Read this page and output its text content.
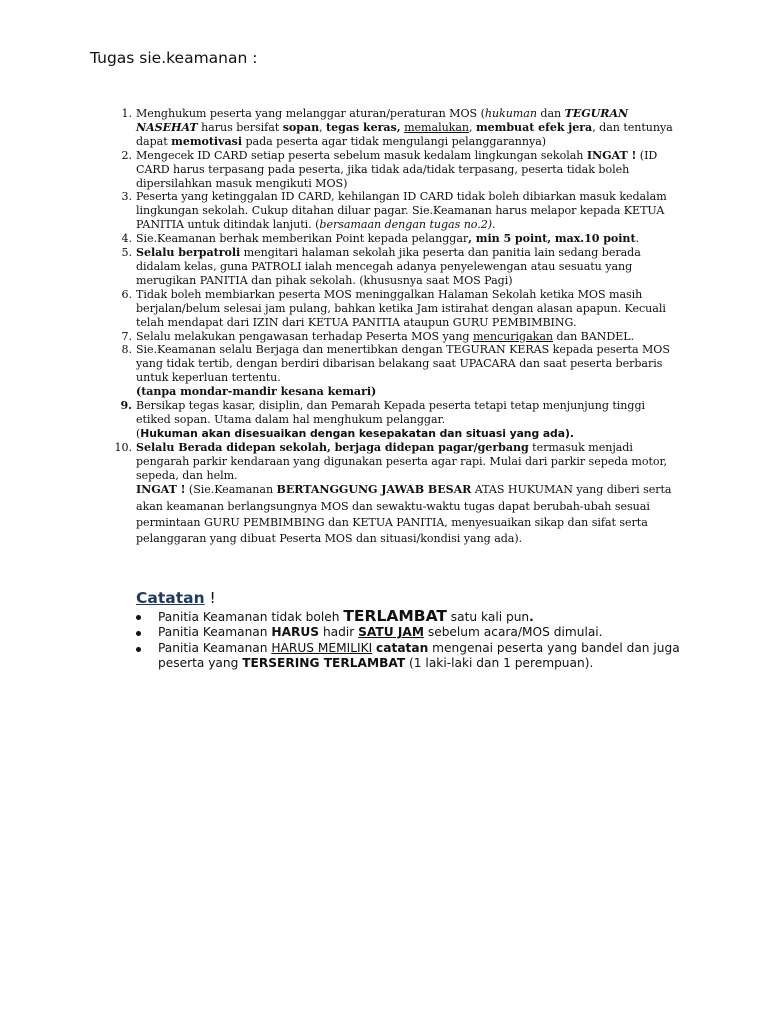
Tugas sie.keamanan :
1. Menghukum peserta yang melanggar aturan/peraturan MOS (hukuman dan TEGURAN NASEHAT harus bersifat sopan, tegas keras, memalukan, membuat efek jera, dan tentunya dapat memotivasi pada peserta agar tidak mengulangi pelanggarannya)
2. Mengecek ID CARD setiap peserta sebelum masuk kedalam lingkungan sekolah INGAT ! (ID CARD harus terpasang pada peserta, jika tidak ada/tidak terpasang, peserta tidak boleh dipersilahkan masuk mengikuti MOS)
3. Peserta yang ketinggalan ID CARD, kehilangan ID CARD tidak boleh dibiarkan masuk kedalam lingkungan sekolah. Cukup ditahan diluar pagar. Sie.Keamanan harus melapor kepada KETUA PANITIA untuk ditindak lanjuti. (bersamaan dengan tugas no.2).
4. Sie.Keamanan berhak memberikan Point kepada pelanggar, min 5 point, max.10 point.
5. Selalu berpatroli mengitari halaman sekolah jika peserta dan panitia lain sedang berada didalam kelas, guna PATROLI ialah mencegah adanya penyelewengan atau sesuatu yang merugikan PANITIA dan pihak sekolah. (khususnya saat MOS Pagi)
6. Tidak boleh membiarkan peserta MOS meninggalkan Halaman Sekolah ketika MOS masih berjalan/belum selesai jam pulang, bahkan ketika Jam istirahat dengan alasan apapun. Kecuali telah mendapat dari IZIN dari KETUA PANITIA ataupun GURU PEMBIMBING.
7. Selalu melakukan pengawasan terhadap Peserta MOS yang mencurigakan dan BANDEL.
8. Sie.Keamanan selalu Berjaga dan menertibkan dengan TEGURAN KERAS kepada peserta MOS yang tidak tertib, dengan berdiri dibarisan belakang saat UPACARA dan saat peserta berbaris untuk keperluan tertentu.
(tanpa mondar-mandir kesana kemari)
9. Bersikap tegas kasar, disiplin, dan Pemarah Kepada peserta tetapi tetap menjunjung tinggi etiked sopan. Utama dalam hal menghukum pelanggar.
(Hukuman akan disesuaikan dengan kesepakatan dan situasi yang ada).
10. Selalu Berada didepan sekolah, berjaga didepan pagar/gerbang termasuk menjadi pengarah parkir kendaraan yang digunakan peserta agar rapi. Mulai dari parkir sepeda motor, sepeda, dan helm.
INGAT ! (Sie.Keamanan BERTANGGUNG JAWAB BESAR ATAS HUKUMAN yang diberi serta akan keamanan berlangsungnya MOS dan sewaktu-waktu tugas dapat berubah-ubah sesuai permintaan GURU PEMBIMBING dan KETUA PANITIA, menyesuaikan sikap dan sifat serta pelanggaran yang dibuat Peserta MOS dan situasi/kondisi yang ada).
Catatan !
Panitia Keamanan tidak boleh TERLAMBAT satu kali pun.
Panitia Keamanan HARUS hadir SATU JAM sebelum acara/MOS dimulai.
Panitia Keamanan HARUS MEMILIKI catatan mengenai peserta yang bandel dan juga peserta yang TERSERING TERLAMBAT (1 laki-laki dan 1 perempuan).
